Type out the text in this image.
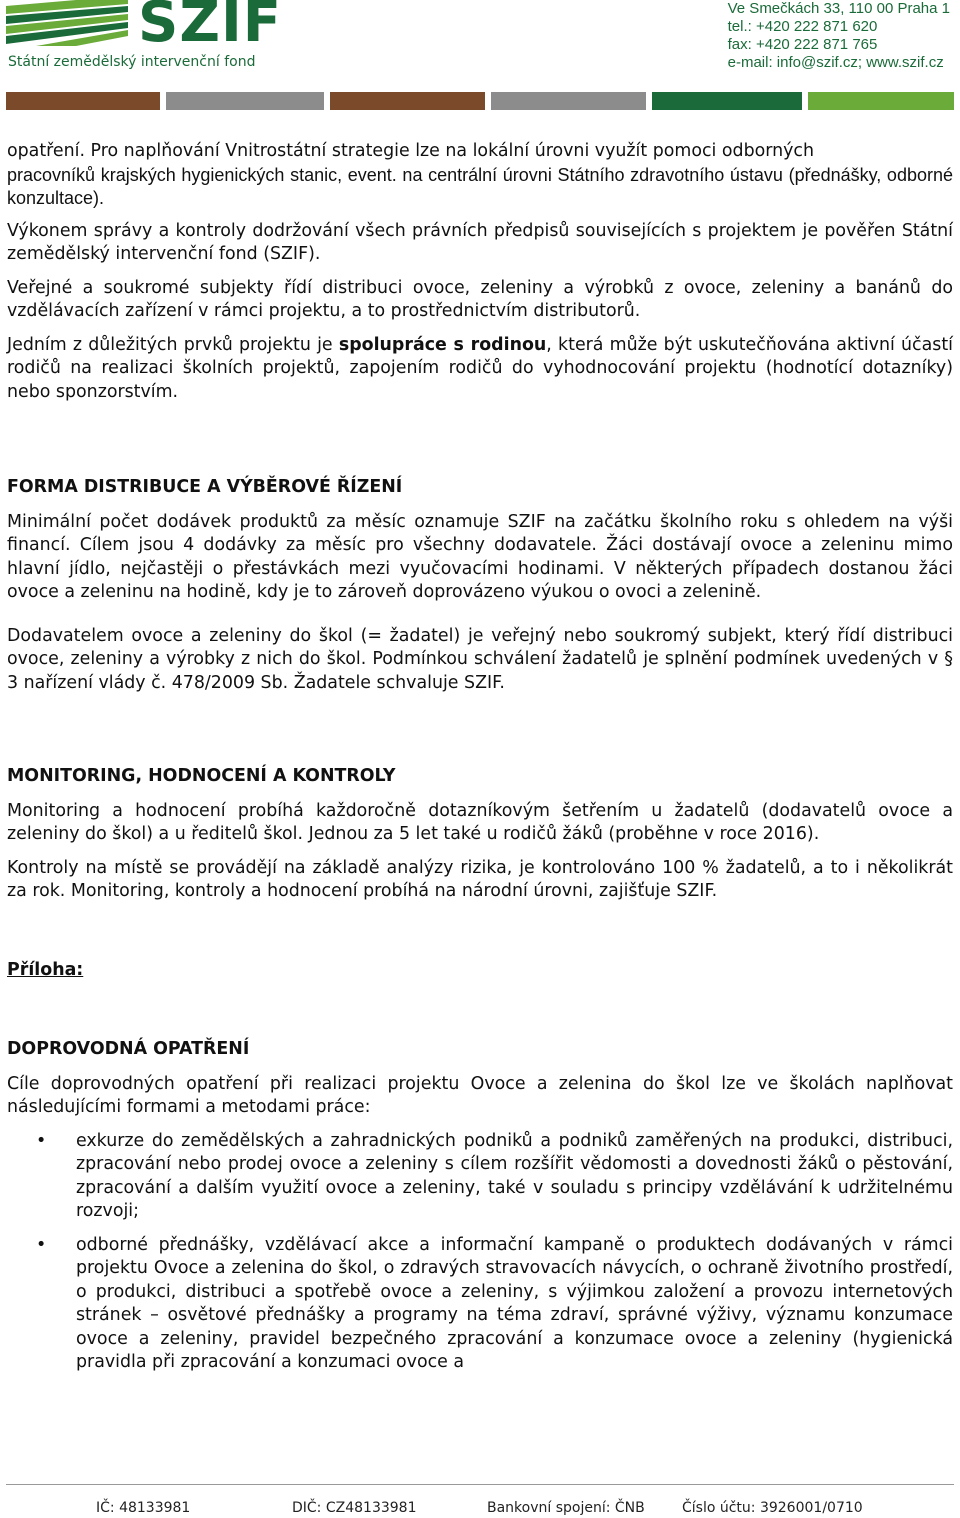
SZIF
Státní zemědělský intervenční fond
Ve Smečkách 33, 110 00 Praha 1
tel.: +420 222 871 620
fax: +420 222 871 765
e-mail: info@szif.cz; www.szif.cz

opatření. Pro naplňování Vnitrostátní strategie lze na lokální úrovni využít pomoci odborných

pracovníků krajských hygienických stanic, event. na centrální úrovni Státního zdravotního ústavu (přednášky, odborné konzultace).

Výkonem správy a kontroly dodržování všech právních předpisů souvisejících s projektem je pověřen Státní zemědělský intervenční fond (SZIF).

Veřejné a soukromé subjekty řídí distribuci ovoce, zeleniny a výrobků z ovoce, zeleniny a banánů do vzdělávacích zařízení v rámci projektu, a to prostřednictvím distributorů.

Jedním z důležitých prvků projektu je spolupráce s rodinou, která může být uskutečňována aktivní účastí rodičů na realizaci školních projektů, zapojením rodičů do vyhodnocování projektu (hodnotící dotazníky) nebo sponzorstvím.

FORMA DISTRIBUCE A VÝBĚROVÉ ŘÍZENÍ

Minimální počet dodávek produktů za měsíc oznamuje SZIF na začátku školního roku s ohledem na výši financí. Cílem jsou 4 dodávky za měsíc pro všechny dodavatele. Žáci dostávají ovoce a zeleninu mimo hlavní jídlo, nejčastěji o přestávkách mezi vyučovacími hodinami. V některých případech dostanou žáci ovoce a zeleninu na hodině, kdy je to zároveň doprovázeno výukou o ovoci a zelenině.

Dodavatelem ovoce a zeleniny do škol (= žadatel) je veřejný nebo soukromý subjekt, který řídí distribuci ovoce, zeleniny a výrobky z nich do škol. Podmínkou schválení žadatelů je splnění podmínek uvedených v § 3 nařízení vlády č. 478/2009 Sb. Žadatele schvaluje SZIF.

MONITORING, HODNOCENÍ A KONTROLY

Monitoring a hodnocení probíhá každoročně dotazníkovým šetřením u žadatelů (dodavatelů ovoce a zeleniny do škol) a u ředitelů škol. Jednou za 5 let také u rodičů žáků (proběhne v roce 2016).

Kontroly na místě se provádějí na základě analýzy rizika, je kontrolováno 100 % žadatelů, a to i několikrát za rok. Monitoring, kontroly a hodnocení probíhá na národní úrovni, zajišťuje SZIF.

Příloha:
DOPROVODNÁ OPATŘENÍ

Cíle doprovodných opatření při realizaci projektu Ovoce a zelenina do škol lze ve školách naplňovat následujícími formami a metodami práce:

• exkurze do zemědělských a zahradnických podniků a podniků zaměřených na produkci, distribuci, zpracování nebo prodej ovoce a zeleniny s cílem rozšířit vědomosti a dovednosti žáků o pěstování, zpracování a dalším využití ovoce a zeleniny, také v souladu s principy vzdělávání k udržitelnému rozvoji;
• odborné přednášky, vzdělávací akce a informační kampaně o produktech dodávaných v rámci projektu Ovoce a zelenina do škol, o zdravých stravovacích návycích, o ochraně životního prostředí, o produkci, distribuci a spotřebě ovoce a zeleniny, s výjimkou založení a provozu internetových stránek – osvětové přednášky a programy na téma zdraví, správné výživy, významu konzumace ovoce a zeleniny, pravidel bezpečného zpracování a konzumace ovoce a zeleniny (hygienická pravidla při zpracování a konzumaci ovoce a
IČ: 48133981	DIČ: CZ48133981	Bankovní spojení: ČNB	Číslo účtu: 3926001/0710
